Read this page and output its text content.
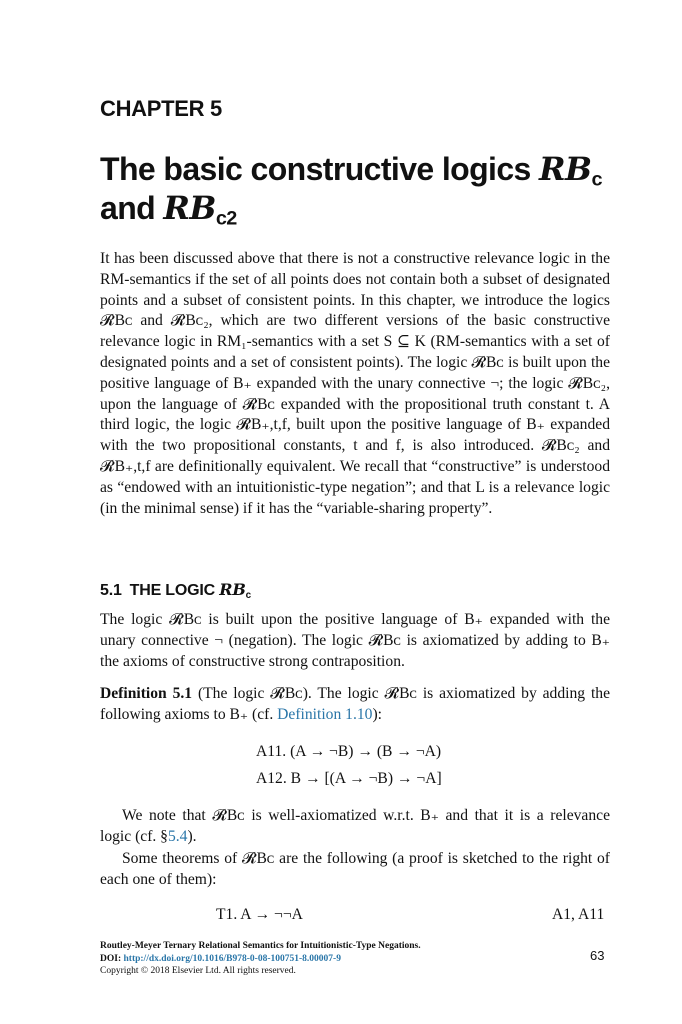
CHAPTER 5
The basic constructive logics $RB_c$
and $RB_{c2}$

It has been discussed above that there is not a constructive relevance logic in the RM-semantics if the set of all points does not contain both a subset of designated points and a subset of consistent points. In this chapter, we introduce the logics 𝓡Bᴄ and 𝓡Bᴄ₂, which are two different versions of the basic constructive relevance logic in RM₁-semantics with a set S ⊆ K (RM-semantics with a set of designated points and a set of consistent points). The logic 𝓡Bᴄ is built upon the positive language of B₊ expanded with the unary connective ¬; the logic 𝓡Bᴄ₂, upon the language of 𝓡Bᴄ expanded with the propositional truth constant t. A third logic, the logic 𝓡B₊,t,f, built upon the positive language of B₊ expanded with the two propositional constants, t and f, is also introduced. 𝓡Bᴄ₂ and 𝓡B₊,t,f are definitionally equivalent. We recall that “constructive” is understood as “endowed with an intuitionistic-type negation”; and that L is a relevance logic (in the minimal sense) if it has the “variable-sharing property”.

5.1 THE LOGIC $RB_c$

The logic 𝓡Bᴄ is built upon the positive language of B₊ expanded with the unary connective ¬ (negation). The logic 𝓡Bᴄ is axiomatized by adding to B₊ the axioms of constructive strong contraposition.

Definition 5.1 (The logic 𝓡Bᴄ). The logic 𝓡Bᴄ is axiomatized by adding the following axioms to B₊ (cf. Definition 1.10):

A11. (A → ¬B) → (B → ¬A)

A12. B → [(A → ¬B) → ¬A]

We note that 𝓡Bᴄ is well-axiomatized w.r.t. B₊ and that it is a relevance logic (cf. §5.4).

Some theorems of 𝓡Bᴄ are the following (a proof is sketched to the right of each one of them):

T1. A → ¬¬A	A1, A11

Routley-Meyer Ternary Relational Semantics for Intuitionistic-Type Negations.
DOI: http://dx.doi.org/10.1016/B978-0-08-100751-8.00007-9
Copyright © 2018 Elsevier Ltd. All rights reserved.
63
